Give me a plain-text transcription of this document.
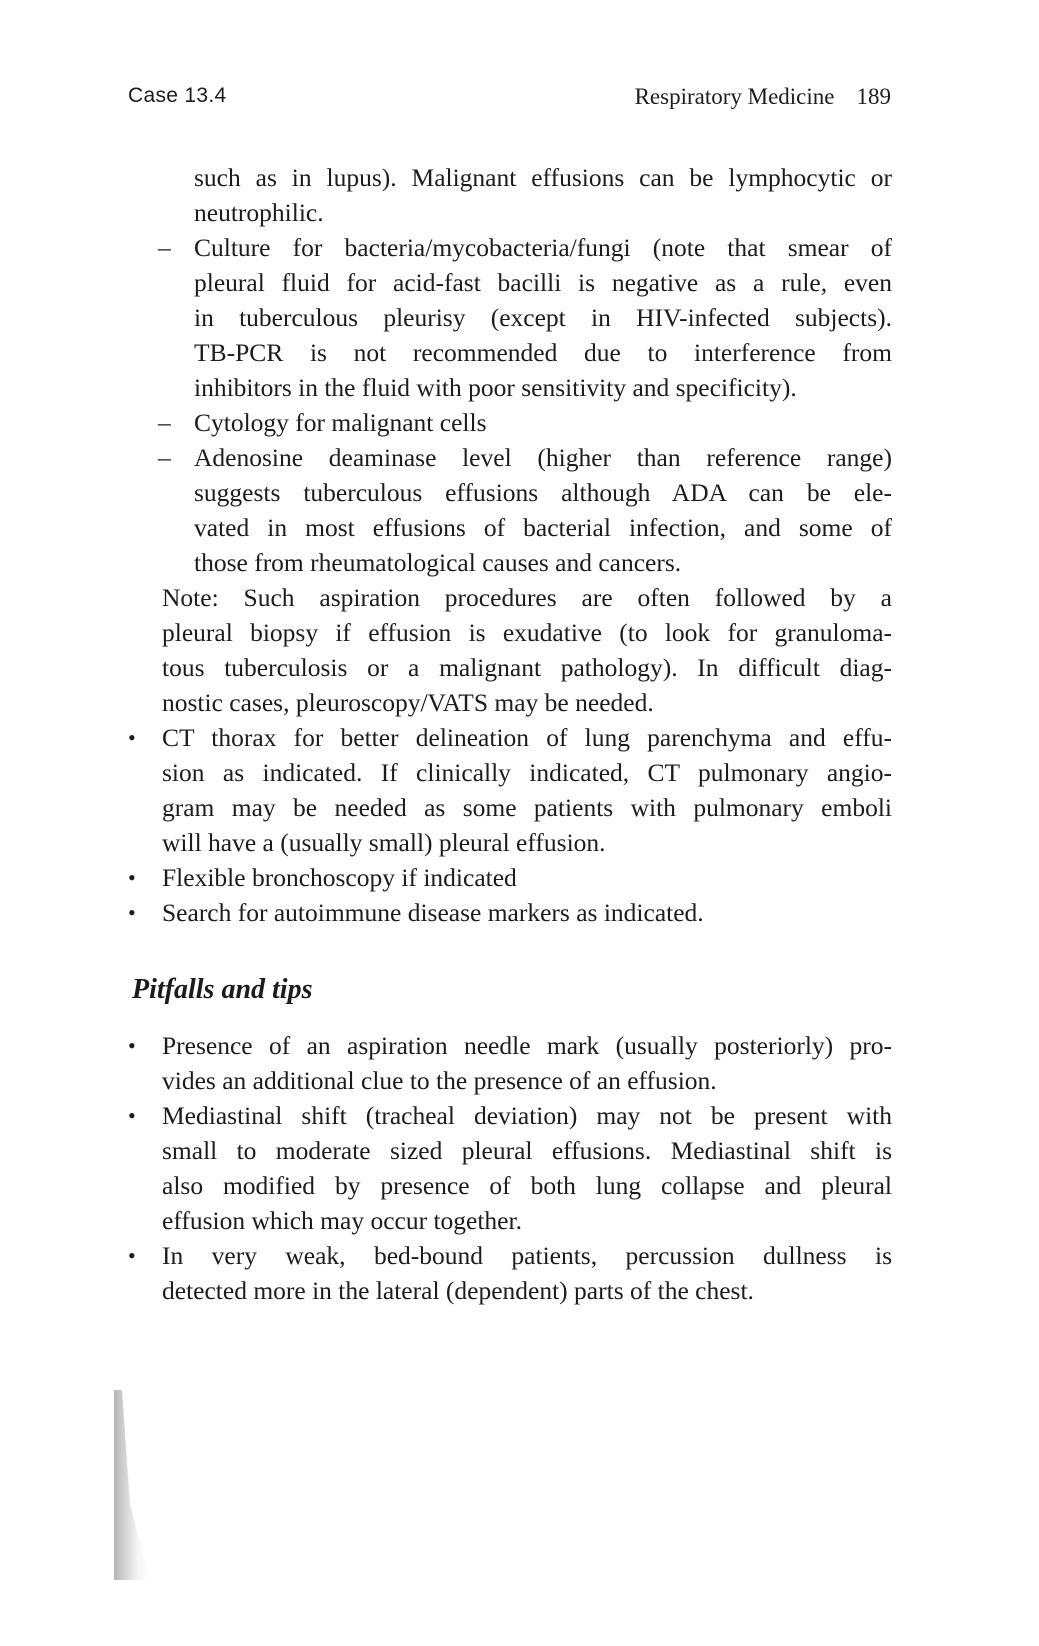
Case 13.4	Respiratory Medicine 189
such as in lupus). Malignant effusions can be lymphocytic or
neutrophilic.
– Culture for bacteria/mycobacteria/fungi (note that smear of
pleural fluid for acid-fast bacilli is negative as a rule, even
in tuberculous pleurisy (except in HIV-infected subjects).
TB-PCR is not recommended due to interference from
inhibitors in the fluid with poor sensitivity and specificity).
– Cytology for malignant cells
– Adenosine deaminase level (higher than reference range)
suggests tuberculous effusions although ADA can be ele-
vated in most effusions of bacterial infection, and some of
those from rheumatological causes and cancers.
Note: Such aspiration procedures are often followed by a
pleural biopsy if effusion is exudative (to look for granuloma-
tous tuberculosis or a malignant pathology). In difficult diag-
nostic cases, pleuroscopy/VATS may be needed.
• CT thorax for better delineation of lung parenchyma and effu-
sion as indicated. If clinically indicated, CT pulmonary angio-
gram may be needed as some patients with pulmonary emboli
will have a (usually small) pleural effusion.
• Flexible bronchoscopy if indicated
• Search for autoimmune disease markers as indicated.
Pitfalls and tips
• Presence of an aspiration needle mark (usually posteriorly) pro-
vides an additional clue to the presence of an effusion.
• Mediastinal shift (tracheal deviation) may not be present with
small to moderate sized pleural effusions. Mediastinal shift is
also modified by presence of both lung collapse and pleural
effusion which may occur together.
• In very weak, bed-bound patients, percussion dullness is
detected more in the lateral (dependent) parts of the chest.
